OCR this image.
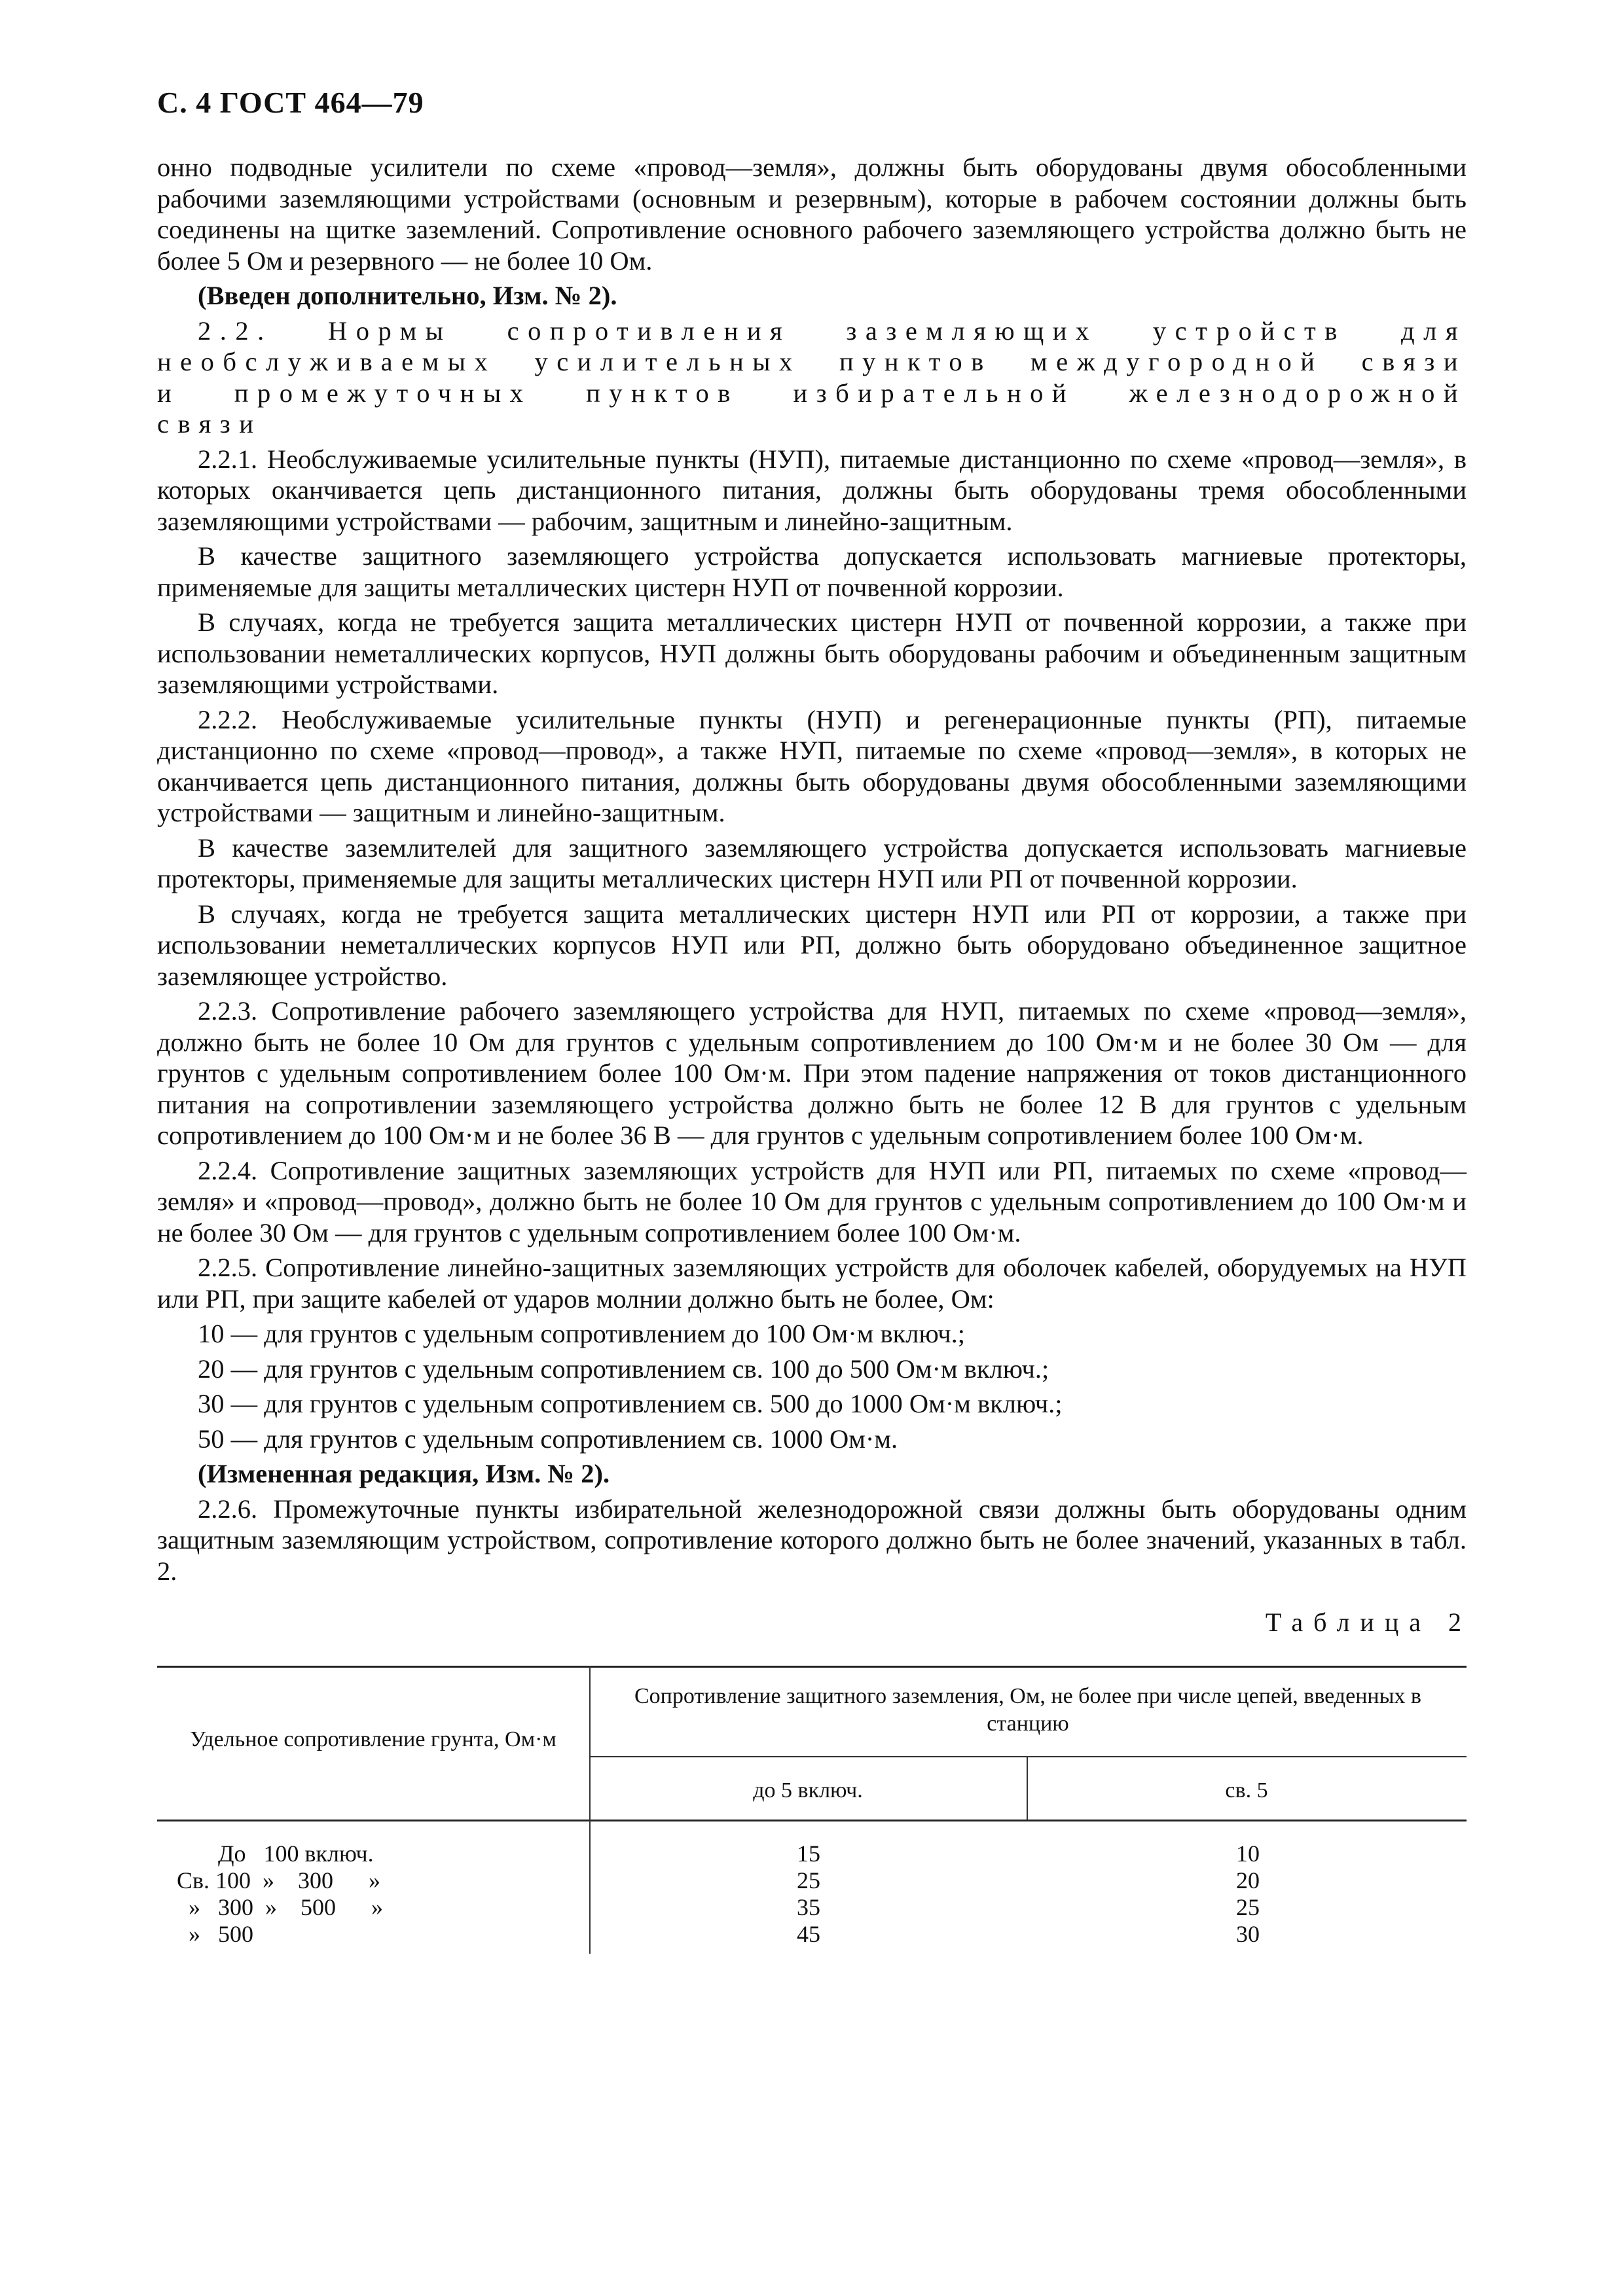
С. 4 ГОСТ 464—79

онно подводные усилители по схеме «провод—земля», должны быть оборудованы двумя обособленными рабочими заземляющими устройствами (основным и резервным), которые в рабочем состоянии должны быть соединены на щитке заземлений. Сопротивление основного рабочего заземляющего устройства должно быть не более 5 Ом и резервного — не более 10 Ом.

(Введен дополнительно, Изм. № 2).

2.2. Нормы сопротивления заземляющих устройств для необслуживаемых усилительных пунктов междугородной связи и промежуточных пунктов избирательной железнодорожной связи

2.2.1. Необслуживаемые усилительные пункты (НУП), питаемые дистанционно по схеме «провод—земля», в которых оканчивается цепь дистанционного питания, должны быть оборудованы тремя обособленными заземляющими устройствами — рабочим, защитным и линейно-защитным.

В качестве защитного заземляющего устройства допускается использовать магниевые протекторы, применяемые для защиты металлических цистерн НУП от почвенной коррозии.

В случаях, когда не требуется защита металлических цистерн НУП от почвенной коррозии, а также при использовании неметаллических корпусов, НУП должны быть оборудованы рабочим и объединенным защитным заземляющими устройствами.

2.2.2. Необслуживаемые усилительные пункты (НУП) и регенерационные пункты (РП), питаемые дистанционно по схеме «провод—провод», а также НУП, питаемые по схеме «провод—земля», в которых не оканчивается цепь дистанционного питания, должны быть оборудованы двумя обособленными заземляющими устройствами — защитным и линейно-защитным.

В качестве заземлителей для защитного заземляющего устройства допускается использовать магниевые протекторы, применяемые для защиты металлических цистерн НУП или РП от почвенной коррозии.

В случаях, когда не требуется защита металлических цистерн НУП или РП от коррозии, а также при использовании неметаллических корпусов НУП или РП, должно быть оборудовано объединенное защитное заземляющее устройство.

2.2.3. Сопротивление рабочего заземляющего устройства для НУП, питаемых по схеме «провод—земля», должно быть не более 10 Ом для грунтов с удельным сопротивлением до 100 Ом·м и не более 30 Ом — для грунтов с удельным сопротивлением более 100 Ом·м. При этом падение напряжения от токов дистанционного питания на сопротивлении заземляющего устройства должно быть не более 12 В для грунтов с удельным сопротивлением до 100 Ом·м и не более 36 В — для грунтов с удельным сопротивлением более 100 Ом·м.

2.2.4. Сопротивление защитных заземляющих устройств для НУП или РП, питаемых по схеме «провод—земля» и «провод—провод», должно быть не более 10 Ом для грунтов с удельным сопротивлением до 100 Ом·м и не более 30 Ом — для грунтов с удельным сопротивлением более 100 Ом·м.

2.2.5. Сопротивление линейно-защитных заземляющих устройств для оболочек кабелей, оборудуемых на НУП или РП, при защите кабелей от ударов молнии должно быть не более, Ом:

10 — для грунтов с удельным сопротивлением до 100 Ом·м включ.;

20 — для грунтов с удельным сопротивлением св. 100 до 500 Ом·м включ.;

30 — для грунтов с удельным сопротивлением св. 500 до 1000 Ом·м включ.;

50 — для грунтов с удельным сопротивлением св. 1000 Ом·м.

(Измененная редакция, Изм. № 2).

2.2.6. Промежуточные пункты избирательной железнодорожной связи должны быть оборудованы одним защитным заземляющим устройством, сопротивление которого должно быть не более значений, указанных в табл. 2.

Таблица 2
Удельное сопротивление грунта, Ом·м
Сопротивление защитного заземления, Ом, не более при числе цепей, введенных в станцию
до 5 включ.	св. 5
До   100 включ.
Св. 100  »    300      »
»   300  »    500      »
»   500
15
25
35
45
10
20
25
30
